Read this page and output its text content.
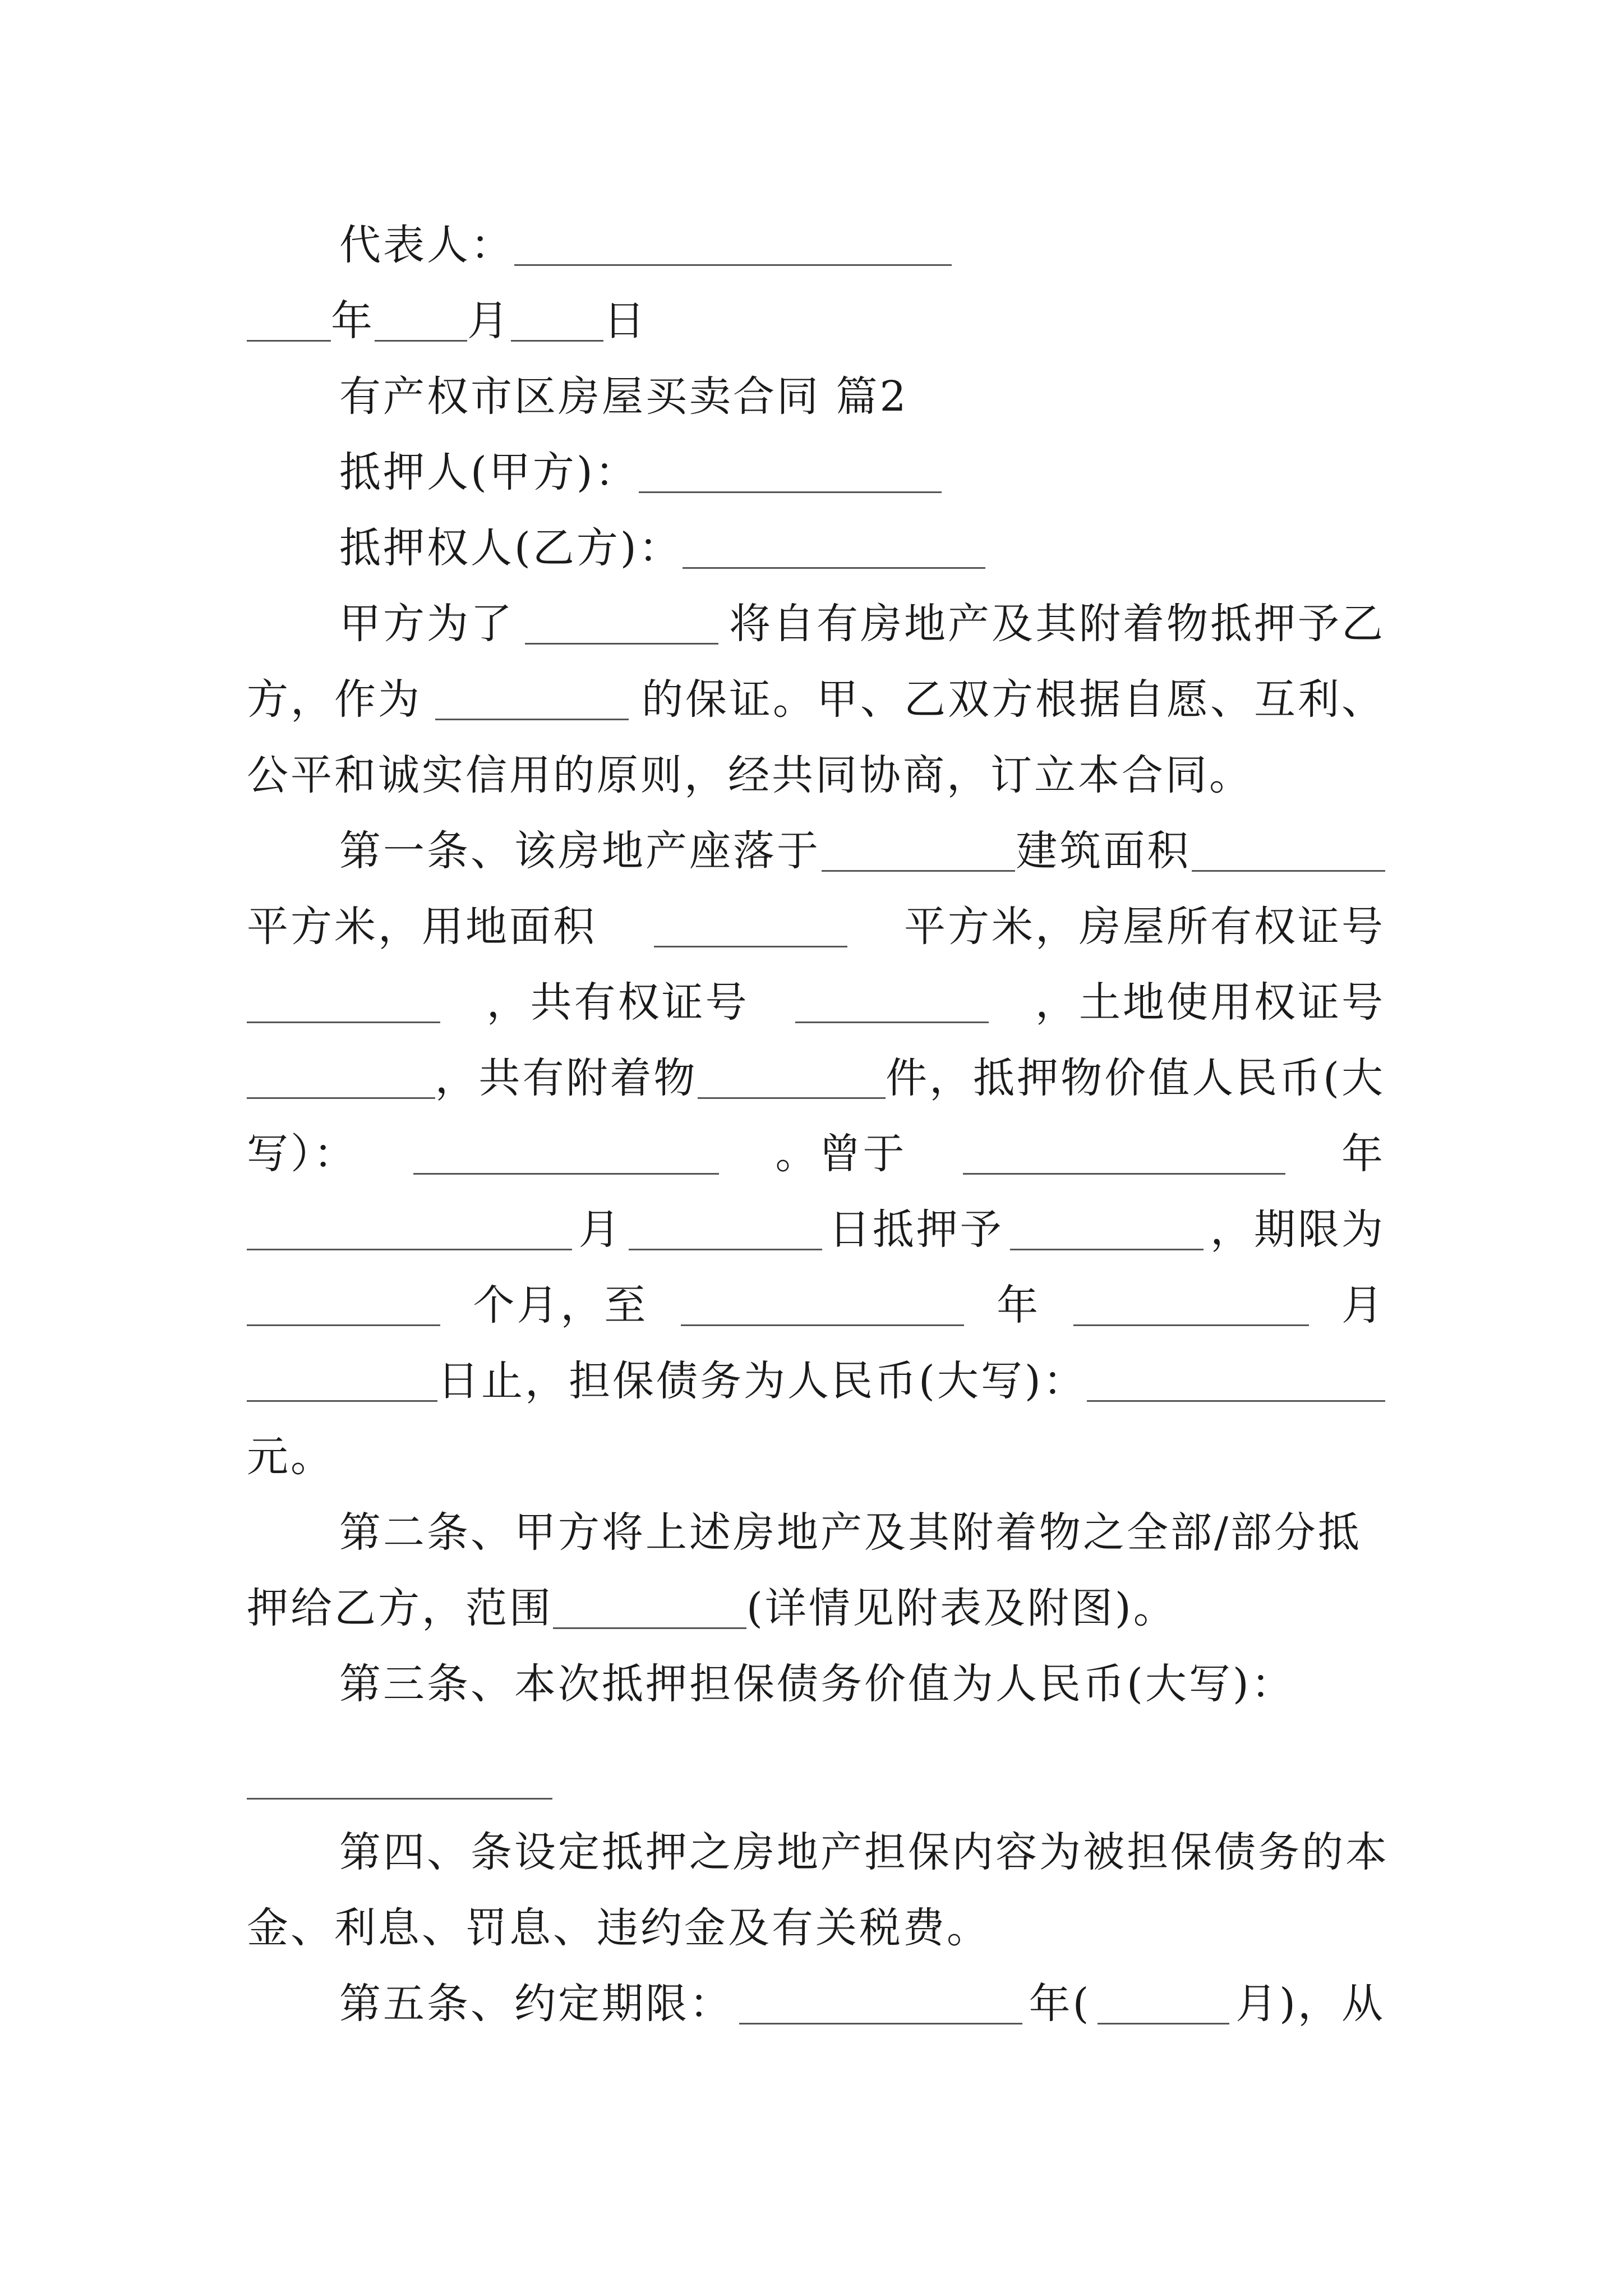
代表人：
年 月 日
有产权市区房屋买卖合同 篇2
抵押人(甲方)：
抵押权人(乙方)：
甲方为了	将自有房地产及其附着物抵押予乙
方，作为	的保证。甲、乙双方根据自愿、互利、
公平和诚实信用的原则，经共同协商，订立本合同。
第一条、该房地产座落于	建筑面积
平方米，用地面积	平方米，房屋所有权证号
，共有权证号	，土地使用权证号
，共有附着物	件，抵押物价值人民币(大
写）：	。曾于	年
月	日抵押予	，期限为
个月，至	年	月
日止，担保债务为人民币(大写)：
元。
第二条、甲方将上述房地产及其附着物之全部/部分抵
押给乙方，范围	(详情见附表及附图)。
第三条、本次抵押担保债务价值为人民币(大写)：
第四、条设定抵押之房地产担保内容为被担保债务的本
金、利息、罚息、违约金及有关税费。
第五条、约定期限：	年(	月)，从
